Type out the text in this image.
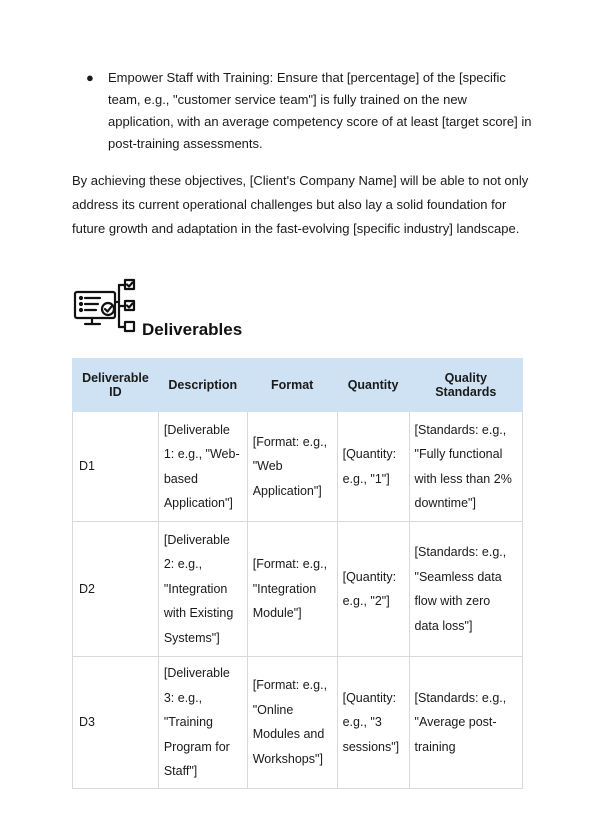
● Empower Staff with Training: Ensure that [percentage] of the [specific team, e.g., "customer service team"] is fully trained on the new application, with an average competency score of at least [target score] in post-training assessments.
By achieving these objectives, [Client's Company Name] will be able to not only address its current operational challenges but also lay a solid foundation for future growth and adaptation in the fast-evolving [specific industry] landscape.
Deliverables
Deliverable ID	Description	Format	Quantity	Quality Standards
D1	[Deliverable 1: e.g., "Web-based Application"]	[Format: e.g., "Web Application"]	[Quantity: e.g., "1"]	[Standards: e.g., "Fully functional with less than 2% downtime"]
D2	[Deliverable 2: e.g., "Integration with Existing Systems"]	[Format: e.g., "Integration Module"]	[Quantity: e.g., "2"]	[Standards: e.g., "Seamless data flow with zero data loss"]
D3	[Deliverable 3: e.g., "Training Program for Staff"]	[Format: e.g., "Online Modules and Workshops"]	[Quantity: e.g., "3 sessions"]	[Standards: e.g., "Average post-training
